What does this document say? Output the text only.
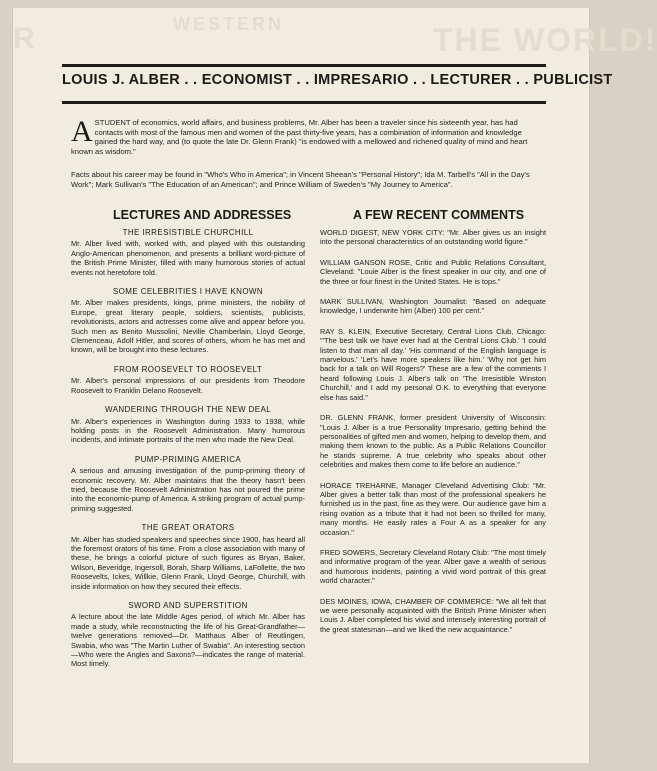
R	WESTERN	THE WORLD!
LOUIS J. ALBER . . ECONOMIST . . IMPRESARIO . . LECTURER . . PUBLICIST
ASTUDENT of economics, world affairs, and business problems, Mr. Alber has been a traveler since his sixteenth year, has had contacts with most of the famous men and women of the past thirty-five years, has a combination of information and knowledge gained the hard way, and (to quote the late Dr. Glenn Frank) "is endowed with a mellowed and richened quality of mind and heart known as wisdom."
Facts about his career may be found in "Who's Who in America"; in Vincent Sheean's "Personal History"; Ida M. Tarbell's "All in the Day's Work"; Mark Sullivan's "The Education of an American"; and Prince William of Sweden's "My Journey to America".
LECTURES AND ADDRESSES	A FEW RECENT COMMENTS
THE IRRESISTIBLE CHURCHILL

Mr. Alber lived with, worked with, and played with this outstanding Anglo-American phenomenon, and presents a brilliant word-picture of the British Prime Minister, filled with many humorous stories of actual events not heretofore told.

SOME CELEBRITIES I HAVE KNOWN

Mr. Alber makes presidents, kings, prime ministers, the nobility of Europe, great literary people, soldiers, scientists, publicists, revolutionists, actors and actresses come alive and appear before you. Such men as Benito Mussolini, Neville Chamberlain, Lloyd George, Clemenceau, Adolf Hitler, and scores of others, whom he has met and known, will be brought into these lectures.

FROM ROOSEVELT TO ROOSEVELT

Mr. Alber's personal impressions of our presidents from Theodore Roosevelt to Franklin Delano Roosevelt.

WANDERING THROUGH THE NEW DEAL

Mr. Alber's experiences in Washington during 1933 to 1938, while holding posts in the Roosevelt Administration. Many humorous incidents, and intimate portraits of the men who made the New Deal.

PUMP-PRIMING AMERICA

A serious and amusing investigation of the pump-priming theory of economic recovery. Mr. Alber maintains that the theory hasn't been tried, because the Roosevelt Administration has not poured the prime into the economic-pump of America. A striking program of actual pump-priming suggested.

THE GREAT ORATORS

Mr. Alber has studied speakers and speeches since 1900, has heard all the foremost orators of his time. From a close association with many of these, he brings a colorful picture of such figures as Bryan, Baker, Wilson, Beveridge, Ingersoll, Borah, Sharp Williams, LaFollette, the two Roosevelts, Ickes, Willkie, Glenn Frank, Lloyd George, Churchill, with inside information on how they secured their effects.

SWORD AND SUPERSTITION

A lecture about the late Middle Ages period, of which Mr. Alber has made a study, while reconstructing the life of his Great-Grandfather—twelve generations removed—Dr. Matthaus Alber of Reutlingen, Swabia, who was "The Martin Luther of Swabia". An interesting section—Who were the Angles and Saxons?—indicates the range of material. Most timely.

WORLD DIGEST, NEW YORK CITY: "Mr. Alber gives us an insight into the personal characteristics of an outstanding world figure."

WILLIAM GANSON ROSE, Critic and Public Relations Consultant, Cleveland: "Louie Alber is the finest speaker in our city, and one of the three or four finest in the United States. He is tops."

MARK SULLIVAN, Washington Journalist: "Based on adequate knowledge, I underwrite him (Alber) 100 per cent."

RAY S. KLEIN, Executive Secretary, Central Lions Club, Chicago: "'The best talk we have ever had at the Central Lions Club.' 'I could listen to that man all day.' 'His command of the English language is marvelous.' 'Let's have more speakers like him.' 'Why not get him back for a talk on Will Rogers?' These are a few of the comments I heard following Louis J. Alber's talk on 'The Irresistible Winston Churchill,' and I add my personal O.K. to everything that everyone else has said."

DR. GLENN FRANK, former president University of Wisconsin: "Louis J. Alber is a true Personality Impresario, getting behind the personalities of gifted men and women, helping to develop them, and making them known to the public. As a Public Relations Councillor he stands supreme. A true celebrity who speaks about other celebrities and makes them come to life before an audience."

HORACE TREHARNE, Manager Cleveland Advertising Club: "Mr. Alber gives a better talk than most of the professional speakers he furnished us in the past, fine as they were. Our audience gave him a rising ovation as a tribute that it had not been so thrilled for many, many months. He easily rates a Four A as a speaker for any occasion."

FRED SOWERS, Secretary Cleveland Rotary Club: "The most timely and informative program of the year. Alber gave a wealth of serious and humorous incidents, painting a vivid word portrait of this great world character."

DES MOINES, IOWA, CHAMBER OF COMMERCE: "We all felt that we were personally acquainted with the British Prime Minister when Louis J. Alber completed his vivid and intensely interesting portrait of the great statesman—and we liked the new acquaintance."
